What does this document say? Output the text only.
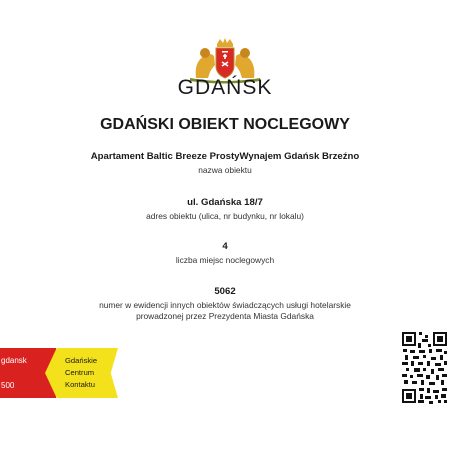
GDAŃSK
GDAŃSKI OBIEKT NOCLEGOWY
Apartament Baltic Breeze ProstyWynajem Gdańsk Brzeźno
nazwa obiektu
ul. Gdańska 18/7
adres obiektu (ulica, nr budynku, nr lokalu)
4
liczba miejsc noclegowych
5062
numer w ewidencji innych obiektów świadczących usługi hotelarskie
prowadzonej przez Prezydenta Miasta Gdańska
gdansk
500
Gdańskie
Centrum
Kontaktu
